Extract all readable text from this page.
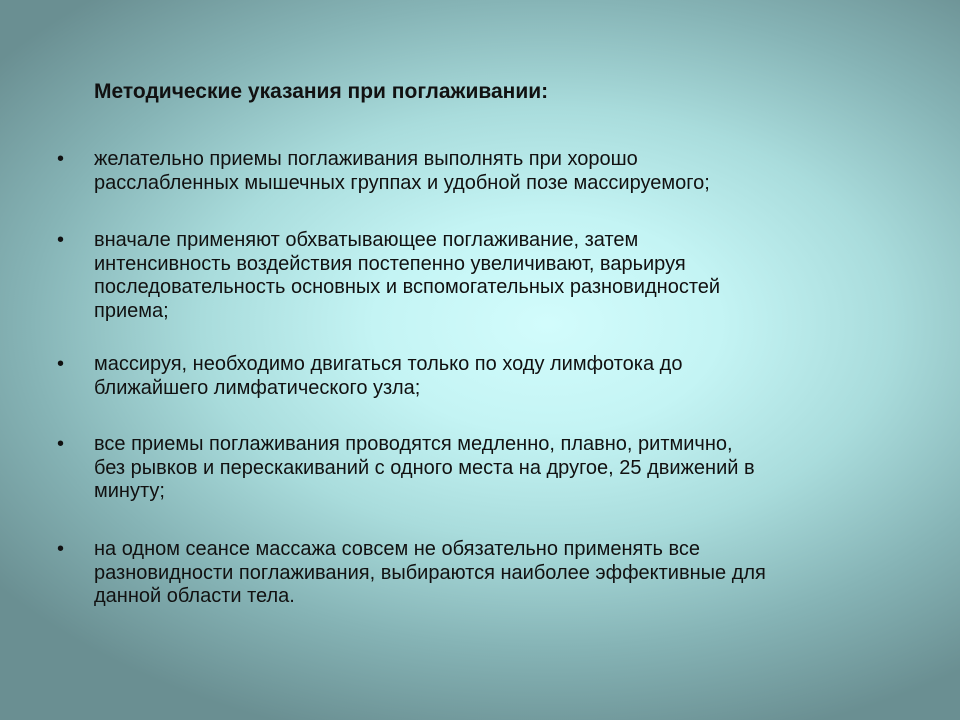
Методические указания при поглаживании:
• желательно приемы поглаживания выполнять при хорошо
расслабленных мышечных группах и удобной позе массируемого;
• вначале применяют обхватывающее поглаживание, затем
интенсивность воздействия постепенно увеличивают, варьируя
последовательность основных и вспомогательных разновидностей
приема;
• массируя, необходимо двигаться только по ходу лимфотока до
ближайшего лимфатического узла;
• все приемы поглаживания проводятся медленно, плавно, ритмично,
без рывков и перескакиваний с одного места на другое, 25 движений в
минуту;
• на одном сеансе массажа совсем не обязательно применять все
разновидности поглаживания, выбираются наиболее эффективные для
данной области тела.
